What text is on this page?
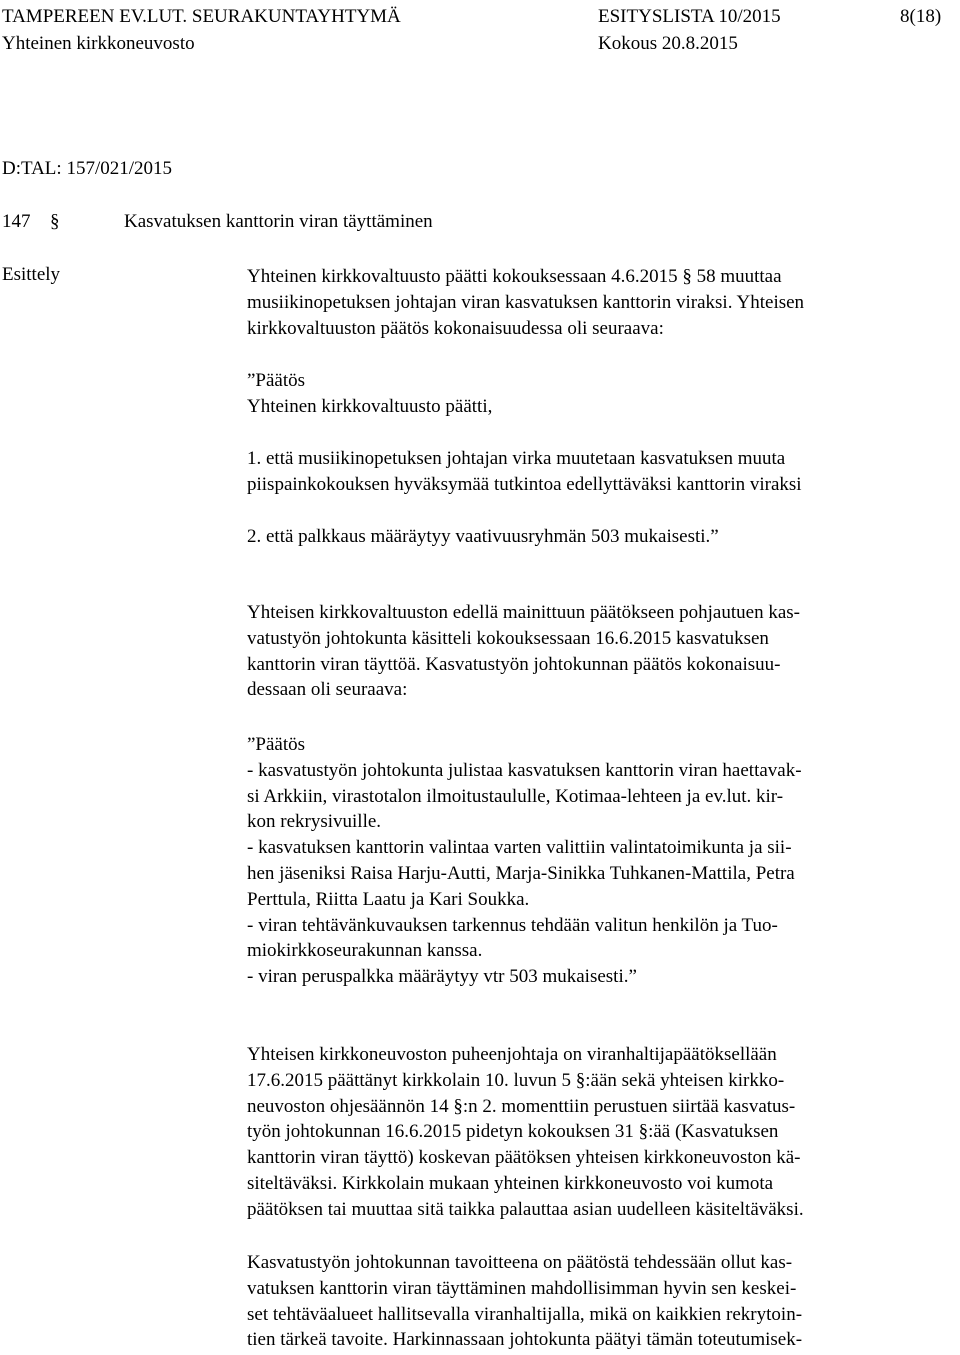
TAMPEREEN EV.LUT. SEURAKUNTAYHTYMÄ	ESITYSLISTA 10/2015	8(18)
Yhteinen kirkkoneuvosto	Kokous 20.8.2015
D:TAL: 157/021/2015
147 §	Kasvatuksen kanttorin viran täyttäminen
Esittely	Yhteinen kirkkovaltuusto päätti kokouksessaan 4.6.2015 § 58 muuttaa
musiikinopetuksen johtajan viran kasvatuksen kanttorin viraksi. Yhteisen
kirkkovaltuuston päätös kokonaisuudessa oli seuraava:
”Päätös
Yhteinen kirkkovaltuusto päätti,
1. että musiikinopetuksen johtajan virka muutetaan kasvatuksen muuta
piispainkokouksen hyväksymää tutkintoa edellyttäväksi kanttorin viraksi
2. että palkkaus määräytyy vaativuusryhmän 503 mukaisesti.”
Yhteisen kirkkovaltuuston edellä mainittuun päätökseen pohjautuen kas-
vatustyön johtokunta käsitteli kokouksessaan 16.6.2015 kasvatuksen
kanttorin viran täyttöä. Kasvatustyön johtokunnan päätös kokonaisuu-
dessaan oli seuraava:
”Päätös
- kasvatustyön johtokunta julistaa kasvatuksen kanttorin viran haettavak-
si Arkkiin, virastotalon ilmoitustaululle, Kotimaa-lehteen ja ev.lut. kir-
kon rekrysivuille.
- kasvatuksen kanttorin valintaa varten valittiin valintatoimikunta ja sii-
hen jäseniksi Raisa Harju-Autti, Marja-Sinikka Tuhkanen-Mattila, Petra
Perttula, Riitta Laatu ja Kari Soukka.
- viran tehtävänkuvauksen tarkennus tehdään valitun henkilön ja Tuo-
miokirkkoseurakunnan kanssa.
- viran peruspalkka määräytyy vtr 503 mukaisesti.”
Yhteisen kirkkoneuvoston puheenjohtaja on viranhaltijapäätöksellään
17.6.2015 päättänyt kirkkolain 10. luvun 5 §:ään sekä yhteisen kirkko-
neuvoston ohjesäännön 14 §:n 2. momenttiin perustuen siirtää kasvatus-
työn johtokunnan 16.6.2015 pidetyn kokouksen 31 §:ää (Kasvatuksen
kanttorin viran täyttö) koskevan päätöksen yhteisen kirkkoneuvoston kä-
siteltäväksi. Kirkkolain mukaan yhteinen kirkkoneuvosto voi kumota
päätöksen tai muuttaa sitä taikka palauttaa asian uudelleen käsiteltäväksi.
Kasvatustyön johtokunnan tavoitteena on päätöstä tehdessään ollut kas-
vatuksen kanttorin viran täyttäminen mahdollisimman hyvin sen keskei-
set tehtäväalueet hallitsevalla viranhaltijalla, mikä on kaikkien rekrytoin-
tien tärkeä tavoite. Harkinnassaan johtokunta päätyi tämän toteutumisek-
